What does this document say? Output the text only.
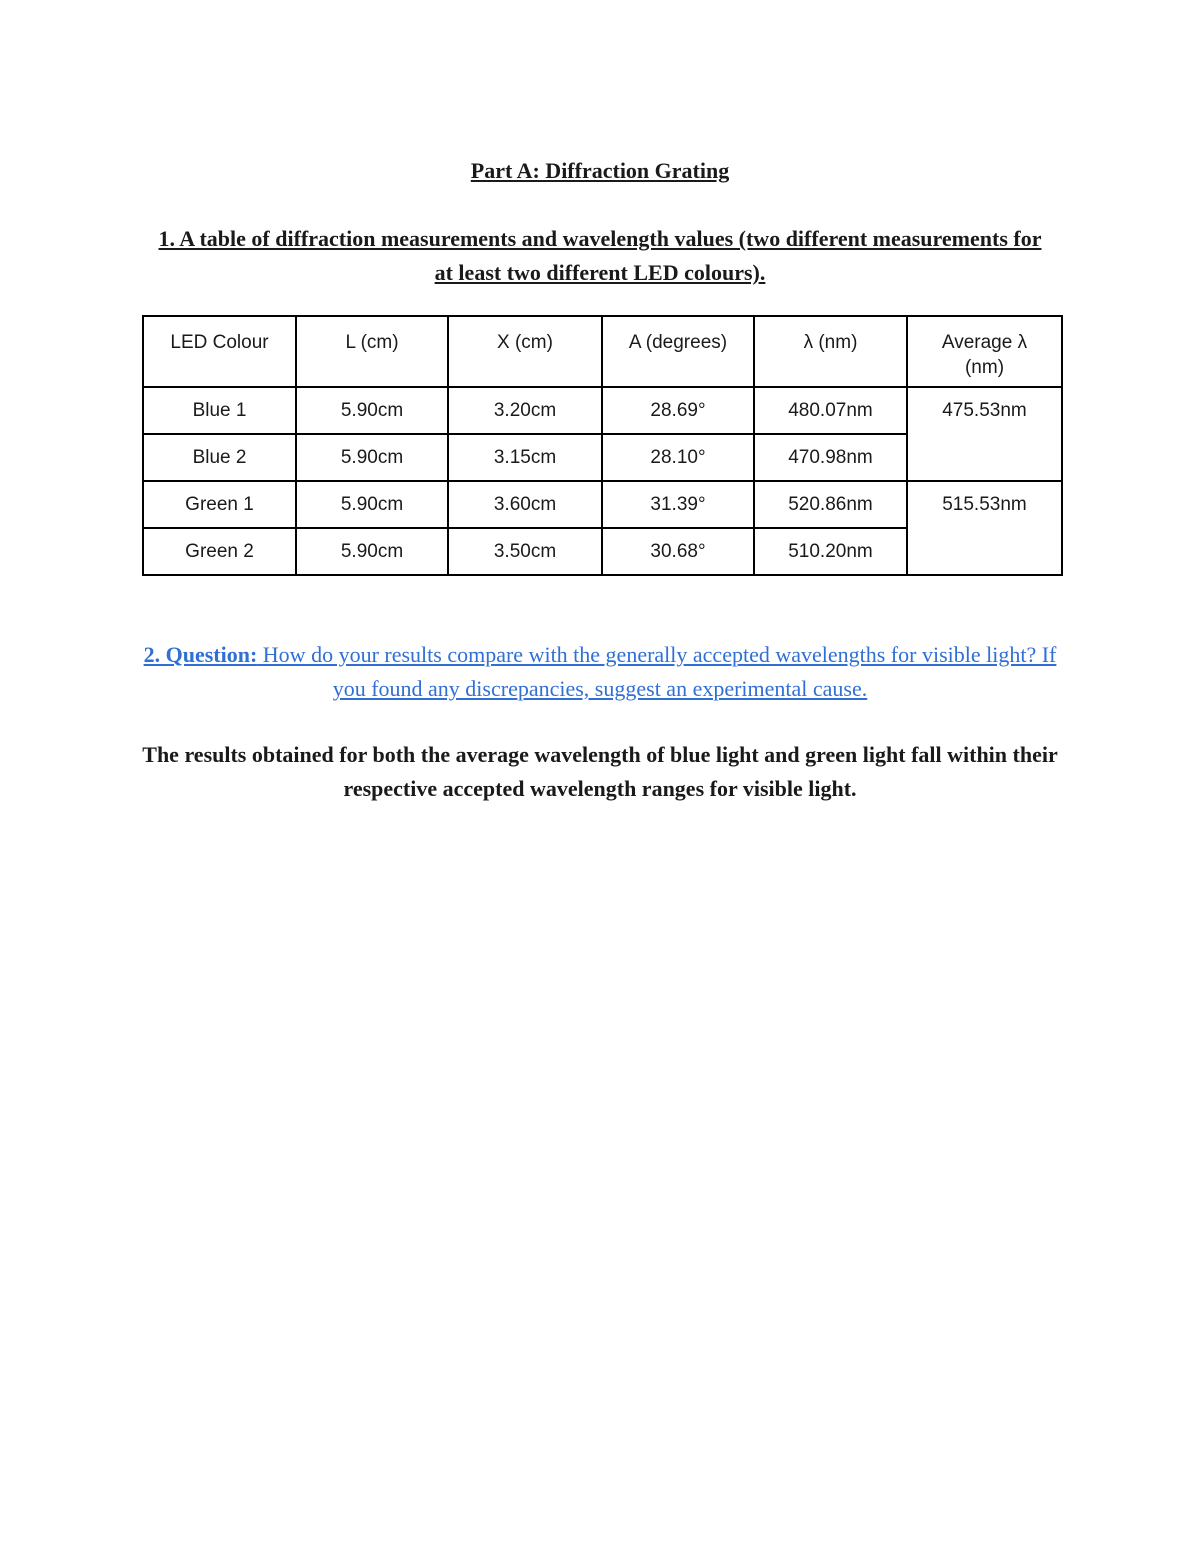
Part A: Diffraction Grating
1. A table of diffraction measurements and wavelength values (two different measurements for at least two different LED colours).
LED Colour	L (cm)	X (cm)	A (degrees)	λ (nm)	Average λ (nm)
Blue 1	5.90cm	3.20cm	28.69°	480.07nm	475.53nm
Blue 2	5.90cm	3.15cm	28.10°	470.98nm	
Green 1	5.90cm	3.60cm	31.39°	520.86nm	515.53nm
Green 2	5.90cm	3.50cm	30.68°	510.20nm	
2. Question: How do your results compare with the generally accepted wavelengths for visible light? If you found any discrepancies, suggest an experimental cause.
The results obtained for both the average wavelength of blue light and green light fall within their respective accepted wavelength ranges for visible light.
